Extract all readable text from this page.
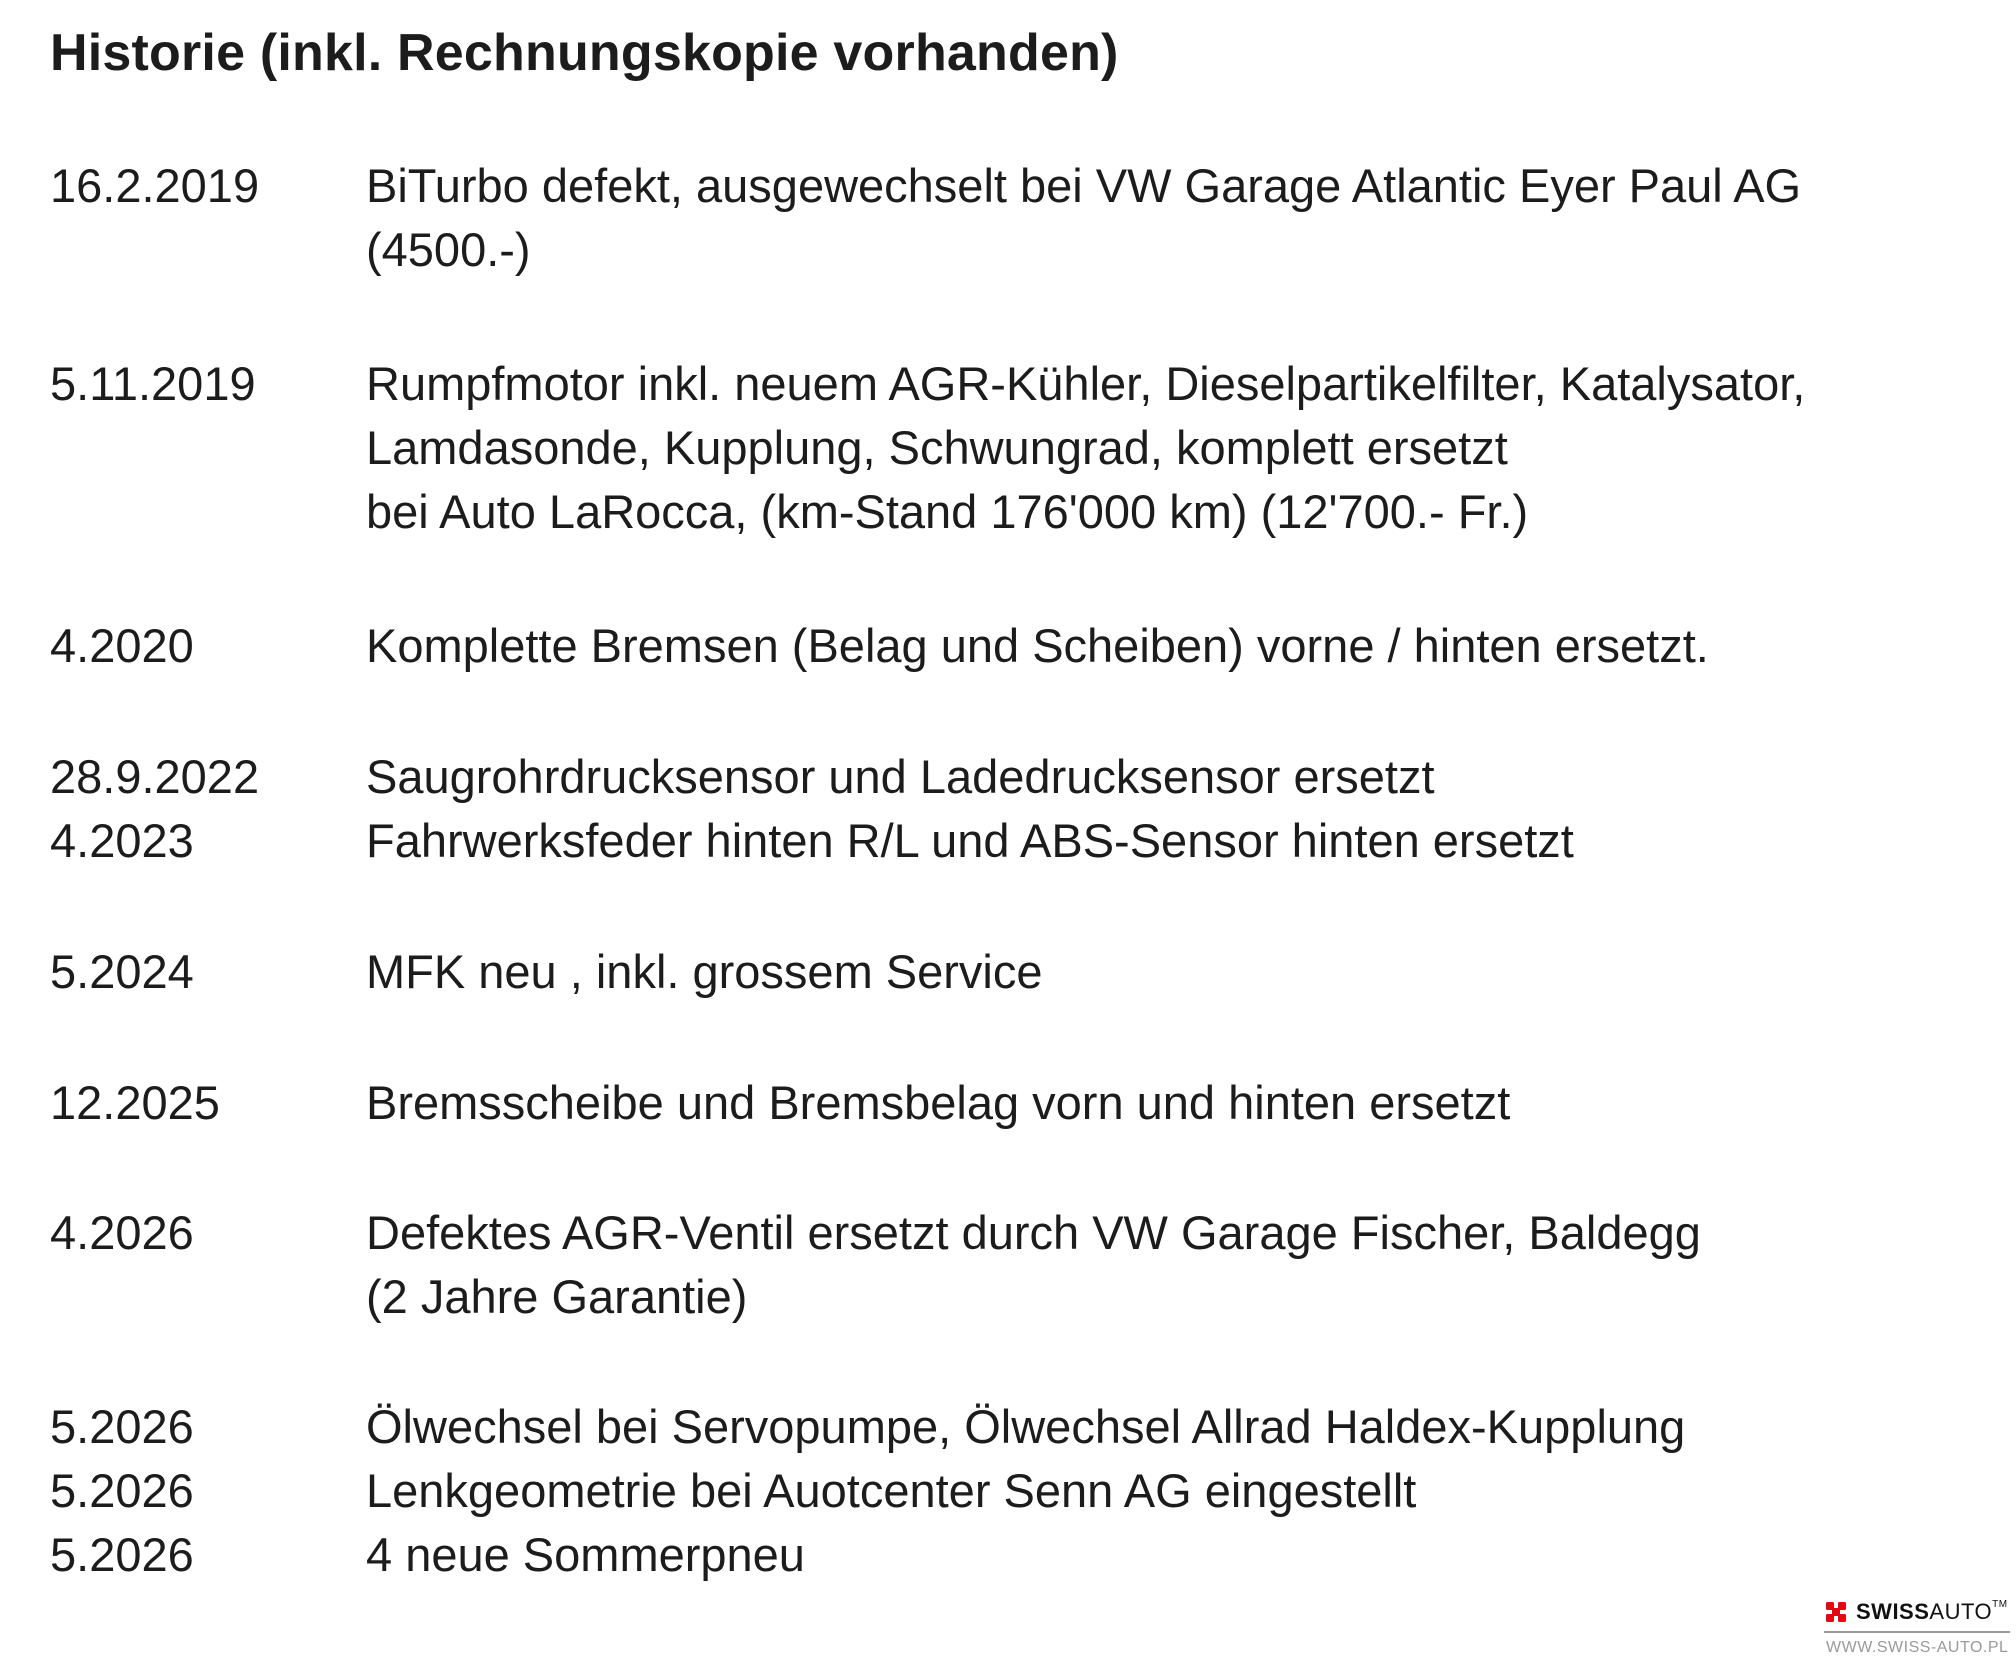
Historie (inkl. Rechnungskopie vorhanden)
16.2.2019 BiTurbo defekt, ausgewechselt bei VW Garage Atlantic Eyer Paul AG
(4500.-)
5.11.2019 Rumpfmotor inkl. neuem AGR-Kühler, Dieselpartikelfilter, Katalysator,
Lamdasonde, Kupplung, Schwungrad, komplett ersetzt
bei Auto LaRocca, (km-Stand 176'000 km) (12'700.- Fr.)
4.2020	Komplette Bremsen (Belag und Scheiben) vorne / hinten ersetzt.
28.9.2022 Saugrohrdrucksensor und Ladedrucksensor ersetzt
4.2023	Fahrwerksfeder hinten R/L und ABS-Sensor hinten ersetzt
5.2024	MFK neu , inkl. grossem Service
12.2025	Bremsscheibe und Bremsbelag vorn und hinten ersetzt
4.2026	Defektes AGR-Ventil ersetzt durch VW Garage Fischer, Baldegg
(2 Jahre Garantie)
5.2026	Ölwechsel bei Servopumpe, Ölwechsel Allrad Haldex-Kupplung
5.2026	Lenkgeometrie bei Auotcenter Senn AG eingestellt
5.2026	4 neue Sommerpneu
SWISSAUTO™
WWW.SWISS-AUTO.PL
